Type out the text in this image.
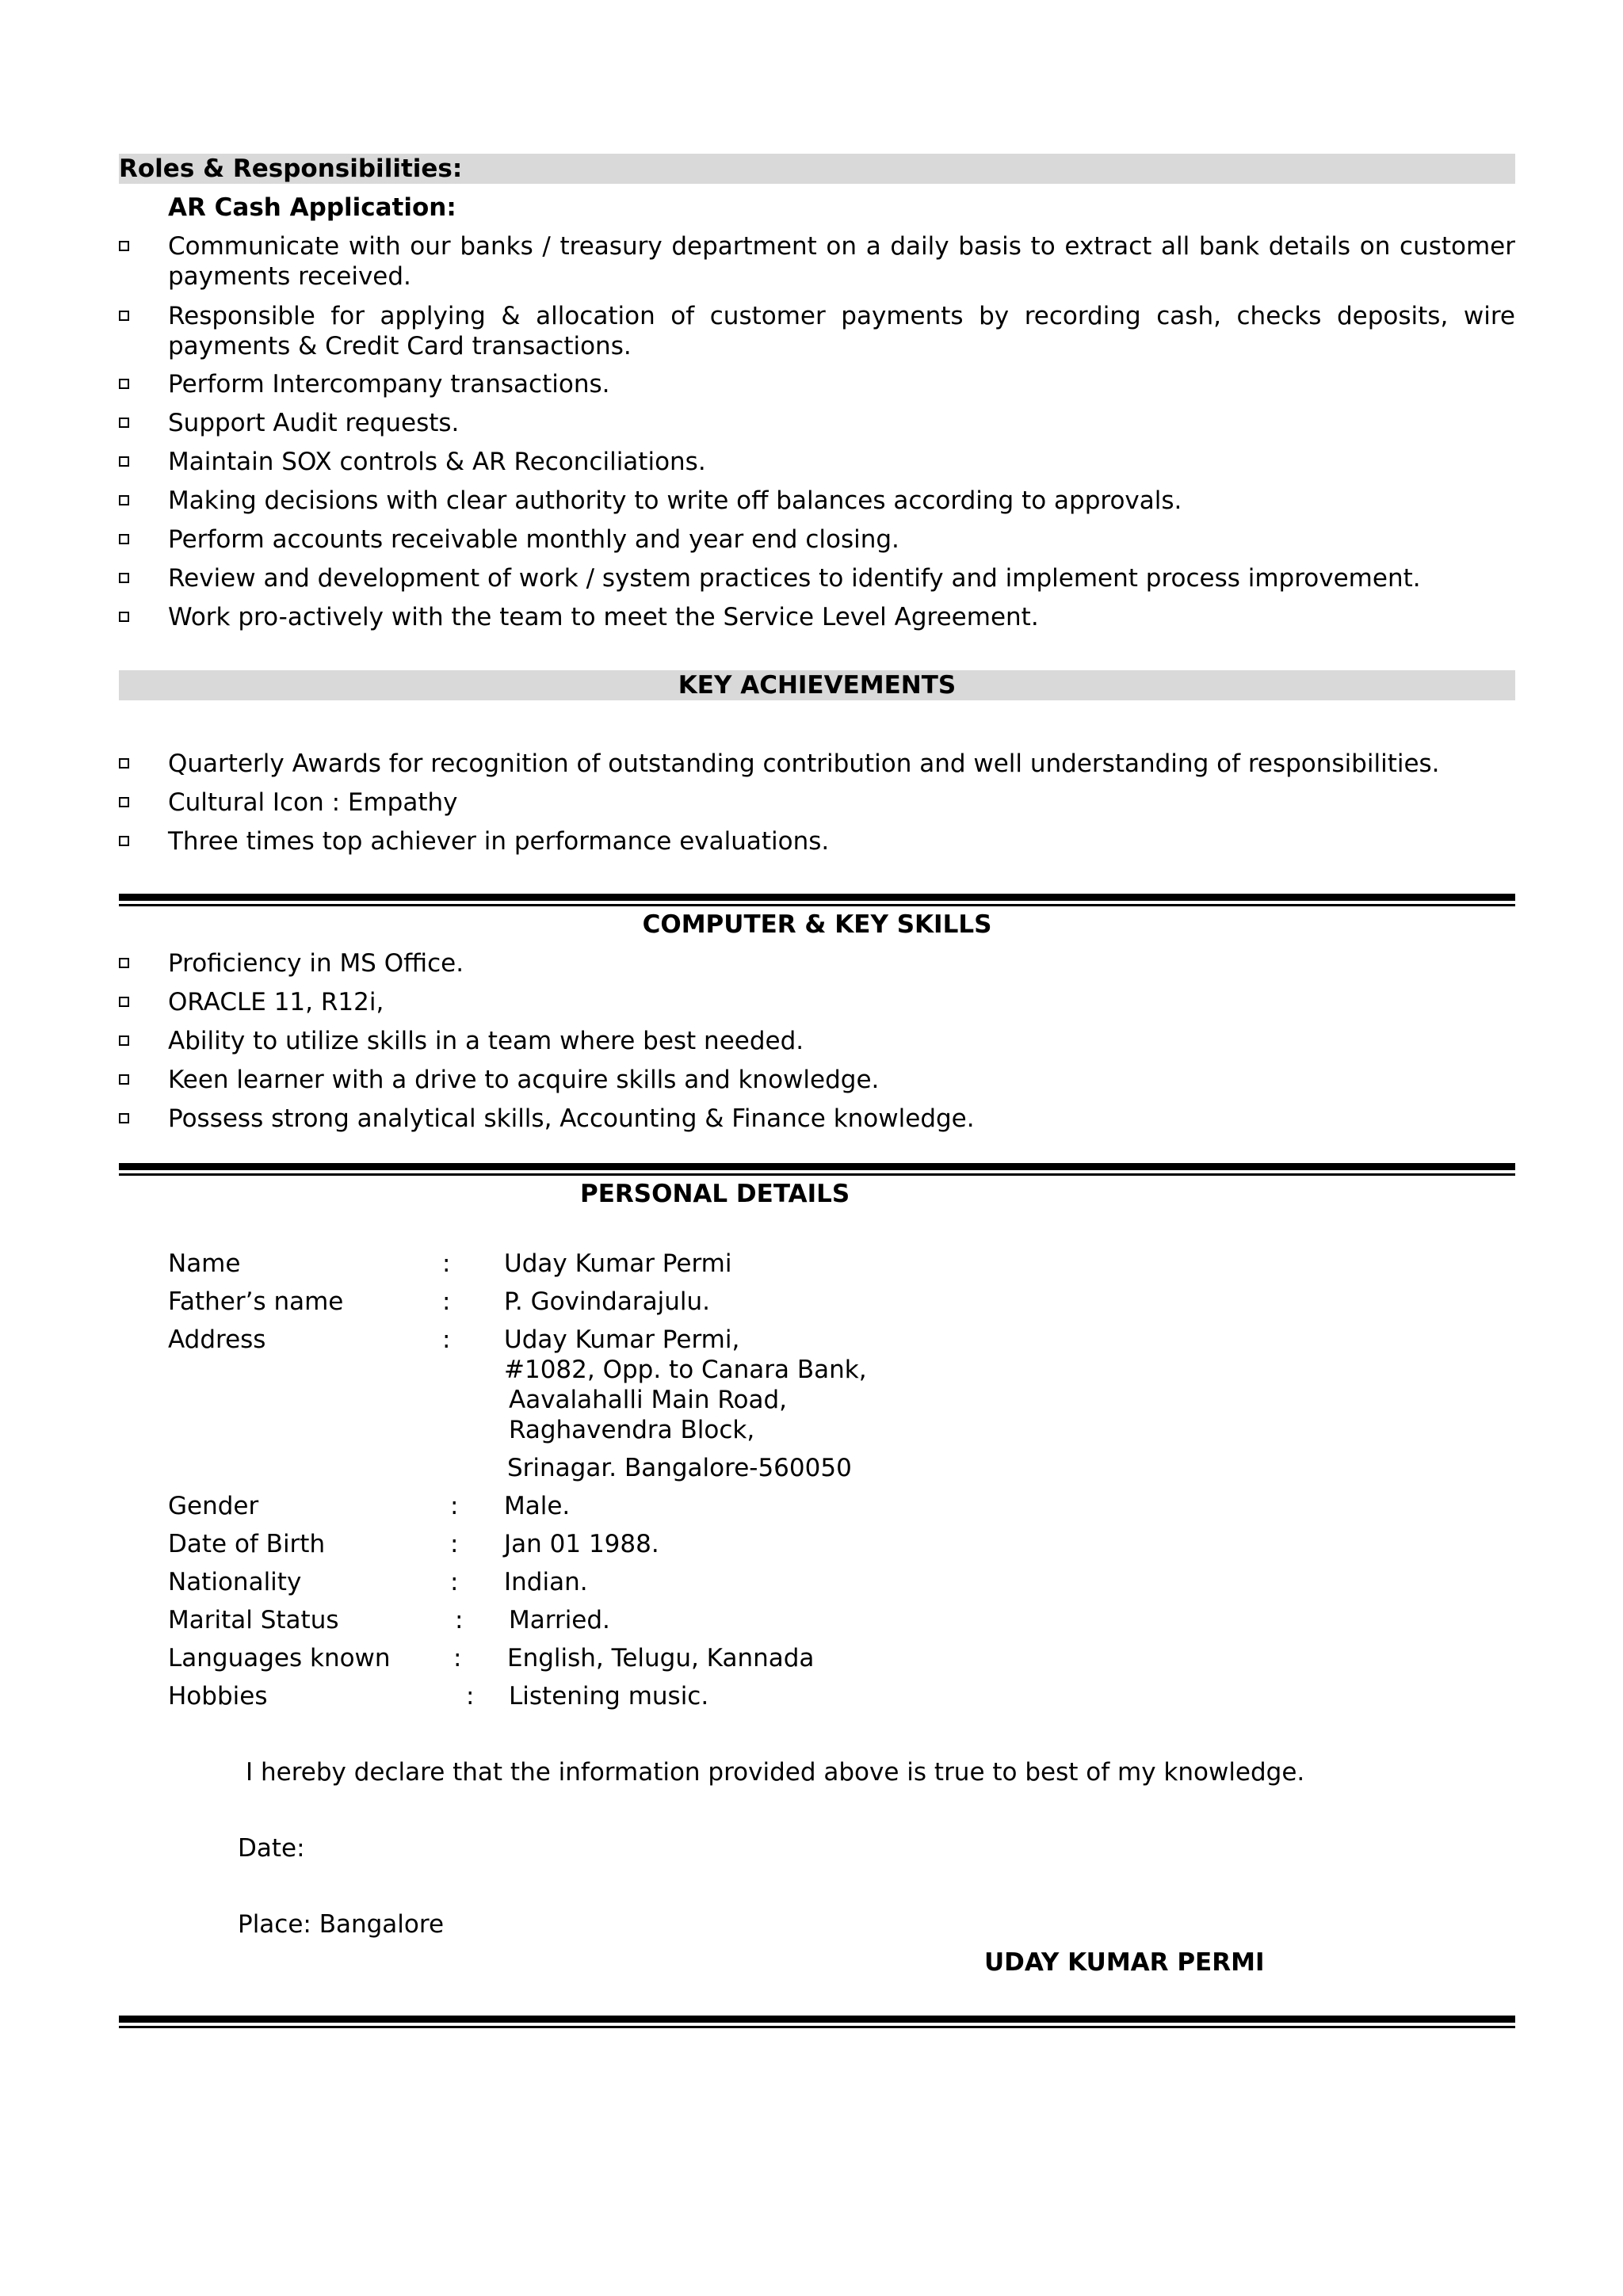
Roles & Responsibilities:
AR Cash Application:
Communicate with our banks / treasury department on a daily basis to extract all bank details on customer payments received.
Responsible for applying & allocation of customer payments by recording cash, checks deposits, wire payments & Credit Card transactions.
Perform Intercompany transactions.
Support Audit requests.
Maintain SOX controls & AR Reconciliations.
Making decisions with clear authority to write off balances according to approvals.
Perform accounts receivable monthly and year end closing.
Review and development of work / system practices to identify and implement process improvement.
Work pro-actively with the team to meet the Service Level Agreement.
KEY ACHIEVEMENTS
Quarterly Awards for recognition of outstanding contribution and well understanding of responsibilities.
Cultural Icon : Empathy
Three times top achiever in performance evaluations.
COMPUTER & KEY SKILLS
Proficiency in MS Office.
ORACLE 11, R12i,
Ability to utilize skills in a team where best needed.
Keen learner with a drive to acquire skills and knowledge.
Possess strong analytical skills, Accounting & Finance knowledge.
PERSONAL DETAILS
Name	: Uday Kumar Permi
Father’s name	: P. Govindarajulu.
Address	: Uday Kumar Permi,
#1082, Opp. to Canara Bank,
Aavalahalli Main Road,
Raghavendra Block,
Srinagar. Bangalore-560050
Gender	: Male.
Date of Birth	: Jan 01 1988.
Nationality	: Indian.
Marital Status	: Married.
Languages known	: English, Telugu, Kannada
Hobbies	: Listening music.
I hereby declare that the information provided above is true to best of my knowledge.
Date:
Place: Bangalore
UDAY KUMAR PERMI
